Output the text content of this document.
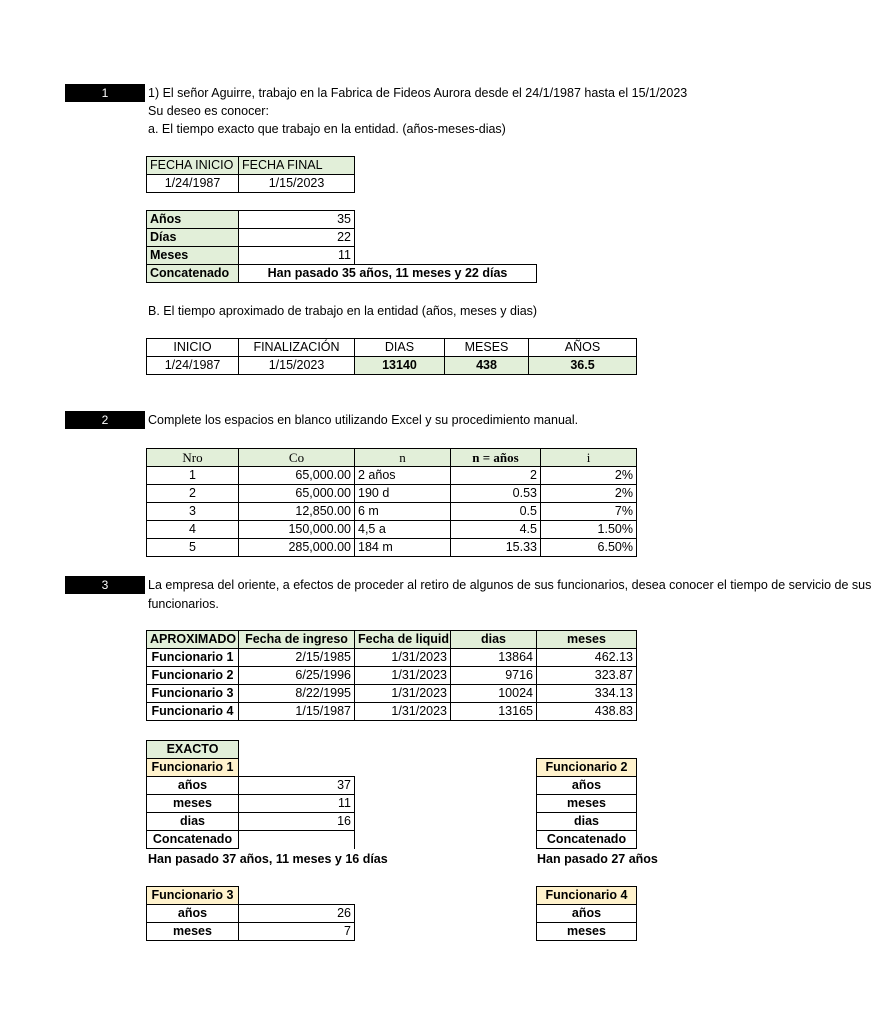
1	1) El señor Aguirre, trabajo en la Fabrica de Fideos Aurora desde el 24/1/1987 hasta el 15/1/2023
Su deseo es conocer:
a. El tiempo exacto que trabajo en la entidad. (años-meses-dias)
FECHA INICIO	FECHA FINAL
1/24/1987	1/15/2023
Años	35	
Días	22	
Meses	11	
Concatenado	Han pasado 35 años, 11 meses y 22 días	
B. El tiempo aproximado de trabajo en la entidad (años, meses y dias)
INICIO	FINALIZACIÓN	DIAS	MESES	AÑOS
1/24/1987	1/15/2023	13140	438	36.5
2	Complete los espacios en blanco utilizando Excel y su procedimiento manual.
Nro	Co	n	n = años	i
1	65,000.00	2 años	2	2%
2	65,000.00	190 d	0.53	2%
3	12,850.00	6 m	0.5	7%
4	150,000.00	4,5 a	4.5	1.50%
5	285,000.00	184 m	15.33	6.50%
3	La empresa del oriente, a efectos de proceder al retiro de algunos de sus funcionarios, desea conocer el tiempo de servicio de sus
funcionarios.
APROXIMADO	Fecha de ingreso	Fecha de liquid	dias	meses
Funcionario 1	2/15/1985	1/31/2023	13864	462.13
Funcionario 2	6/25/1996	1/31/2023	9716	323.87
Funcionario 3	8/22/1995	1/31/2023	10024	334.13
Funcionario 4	1/15/1987	1/31/2023	13165	438.83
EXACTO	
Funcionario 1	
años	37
meses	11
dias	16
Concatenado	
Han pasado 37 años, 11 meses y 16 días
Funcionario 2
años
meses
dias
Concatenado
Han pasado 27 años
Funcionario 3	
años	26
meses	7
Funcionario 4
años
meses
